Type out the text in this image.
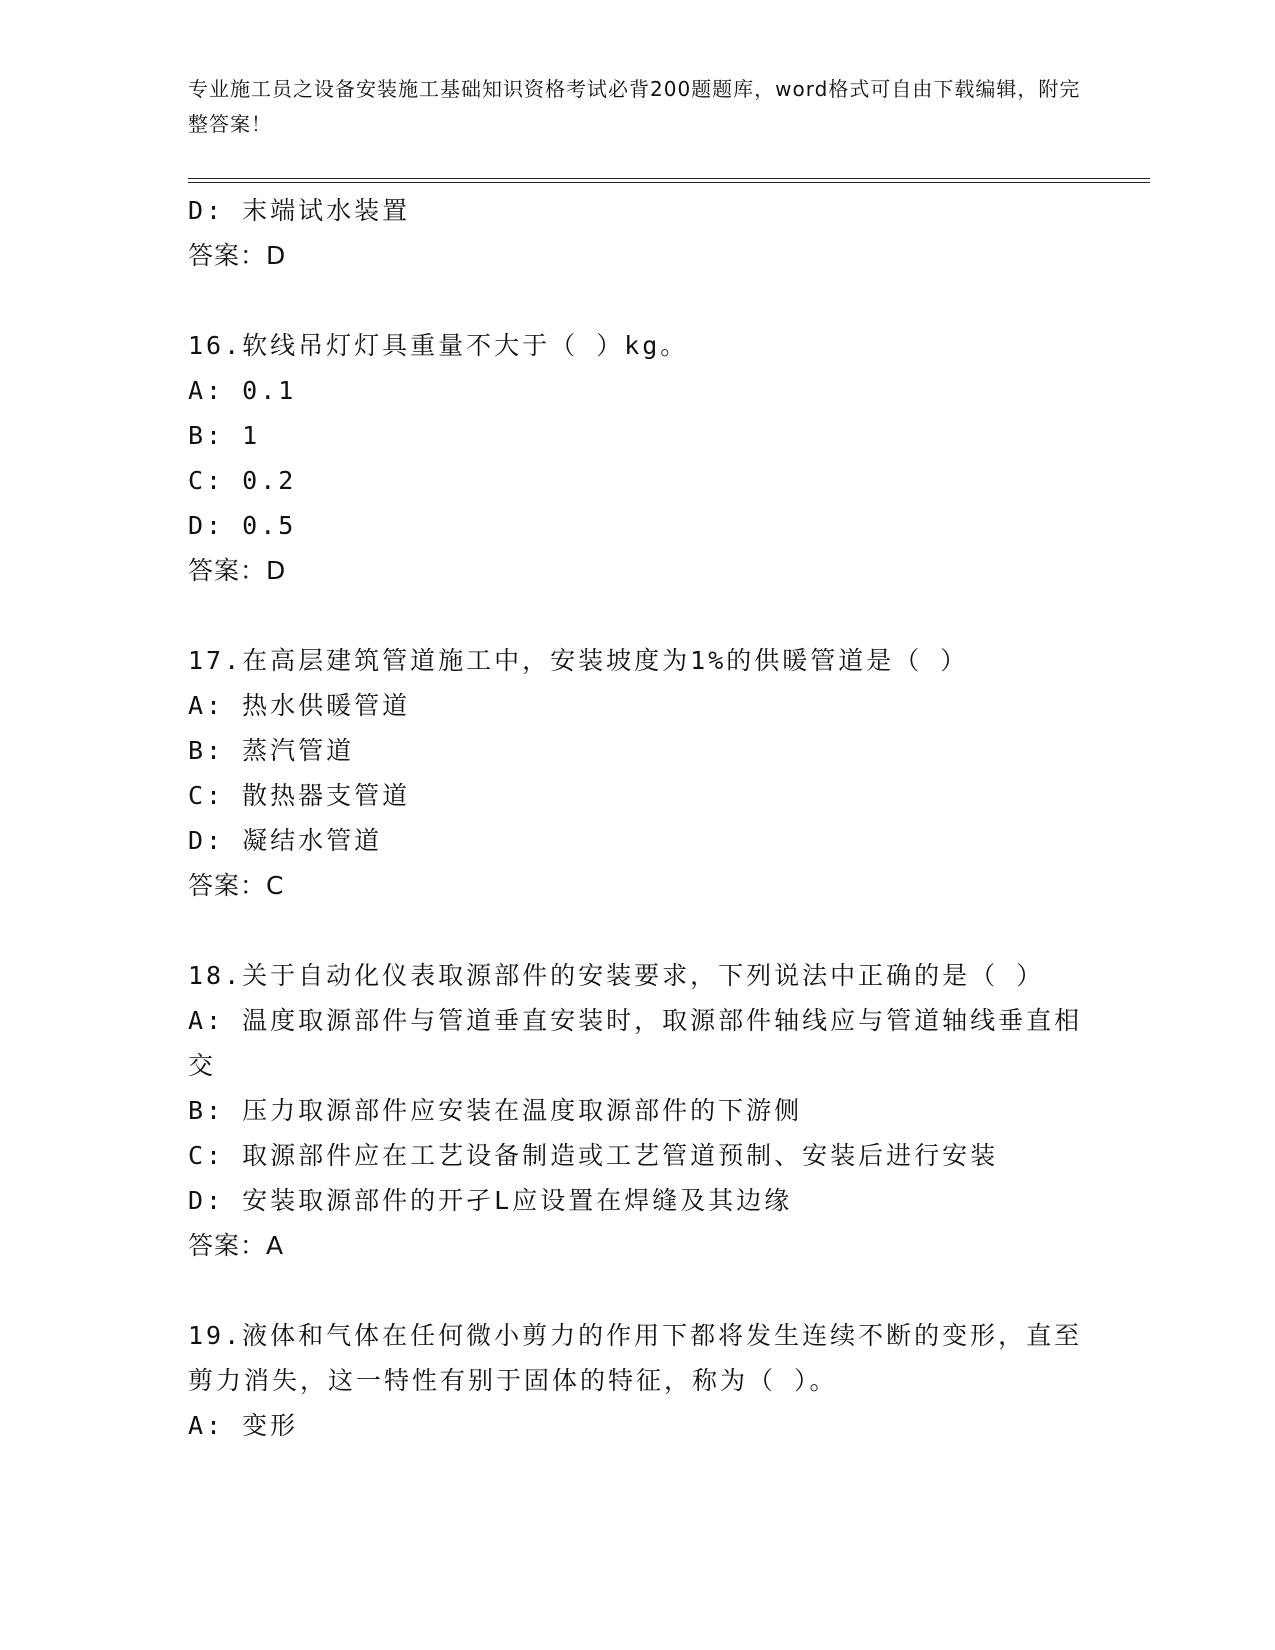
专业施工员之设备安装施工基础知识资格考试必背200题题库，word格式可自由下载编辑，附完整答案！
D: 末端试水装置
答案：D
16.软线吊灯灯具重量不大于（ ）kg。
A: 0.1
B: 1
C: 0.2
D: 0.5
答案：D
17.在高层建筑管道施工中，安装坡度为1%的供暖管道是（ ）
A: 热水供暖管道
B: 蒸汽管道
C: 散热器支管道
D: 凝结水管道
答案：C
18.关于自动化仪表取源部件的安装要求，下列说法中正确的是（ ）
A: 温度取源部件与管道垂直安装时，取源部件轴线应与管道轴线垂直相交
B: 压力取源部件应安装在温度取源部件的下游侧
C: 取源部件应在工艺设备制造或工艺管道预制、安装后进行安装
D: 安装取源部件的开孑L应设置在焊缝及其边缘
答案：A
19.液体和气体在任何微小剪力的作用下都将发生连续不断的变形，直至剪力消失，这一特性有别于固体的特征，称为（ ）。
A: 变形
